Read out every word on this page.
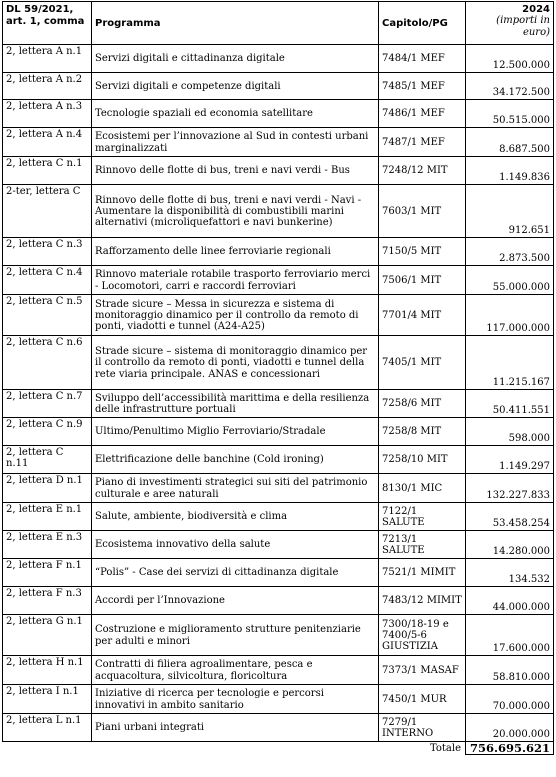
DL 59/2021, art. 1, comma	Programma	Capitolo/PG	2024
(importi in euro)

2, lettera A n.1	Servizi digitali e cittadinanza digitale	7484/1 MEF	12.500.000
2, lettera A n.2	Servizi digitali e competenze digitali	7485/1 MEF	34.172.500
2, lettera A n.3	Tecnologie spaziali ed economia satellitare	7486/1 MEF	50.515.000
2, lettera A n.4	Ecosistemi per l’innovazione al Sud in contesti urbani marginalizzati	7487/1 MEF	8.687.500
2, lettera C n.1	Rinnovo delle flotte di bus, treni e navi verdi - Bus	7248/12 MIT	1.149.836
2-ter, lettera C	Rinnovo delle flotte di bus, treni e navi verdi - Navi - Aumentare la disponibilità di combustibili marini alternativi (microliquefattori e navi bunkerine)	7603/1 MIT	912.651
2, lettera C n.3	Rafforzamento delle linee ferroviarie regionali	7150/5 MIT	2.873.500
2, lettera C n.4	Rinnovo materiale rotabile trasporto ferroviario merci - Locomotori, carri e raccordi ferroviari	7506/1 MIT	55.000.000
2, lettera C n.5	Strade sicure – Messa in sicurezza e sistema di monitoraggio dinamico per il controllo da remoto di ponti, viadotti e tunnel (A24-A25)	7701/4 MIT	117.000.000
2, lettera C n.6	Strade sicure – sistema di monitoraggio dinamico per il controllo da remoto di ponti, viadotti e tunnel della rete viaria principale. ANAS e concessionari	7405/1 MIT	11.215.167
2, lettera C n.7	Sviluppo dell’accessibilità marittima e della resilienza delle infrastrutture portuali	7258/6 MIT	50.411.551
2, lettera C n.9	Ultimo/Penultimo Miglio Ferroviario/Stradale	7258/8 MIT	598.000
2, lettera C n.11	Elettrificazione delle banchine (Cold ironing)	7258/10 MIT	1.149.297
2, lettera D n.1	Piano di investimenti strategici sui siti del patrimonio culturale e aree naturali	8130/1 MIC	132.227.833
2, lettera E n.1	Salute, ambiente, biodiversità e clima	7122/1 SALUTE	53.458.254
2, lettera E n.3	Ecosistema innovativo della salute	7213/1 SALUTE	14.280.000
2, lettera F n.1	“Polis” - Case dei servizi di cittadinanza digitale	7521/1 MIMIT	134.532
2, lettera F n.3	Accordi per l’Innovazione	7483/12 MIMIT	44.000.000
2, lettera G n.1	Costruzione e miglioramento strutture penitenziarie per adulti e minori	7300/18-19 e 7400/5-6 GIUSTIZIA	17.600.000
2, lettera H n.1	Contratti di filiera agroalimentare, pesca e acquacoltura, silvicoltura, floricoltura	7373/1 MASAF	58.810.000
2, lettera I n.1	Iniziative di ricerca per tecnologie e percorsi innovativi in ambito sanitario	7450/1 MUR	70.000.000
2, lettera L n.1	Piani urbani integrati	7279/1 INTERNO	20.000.000
		Totale	756.695.621
